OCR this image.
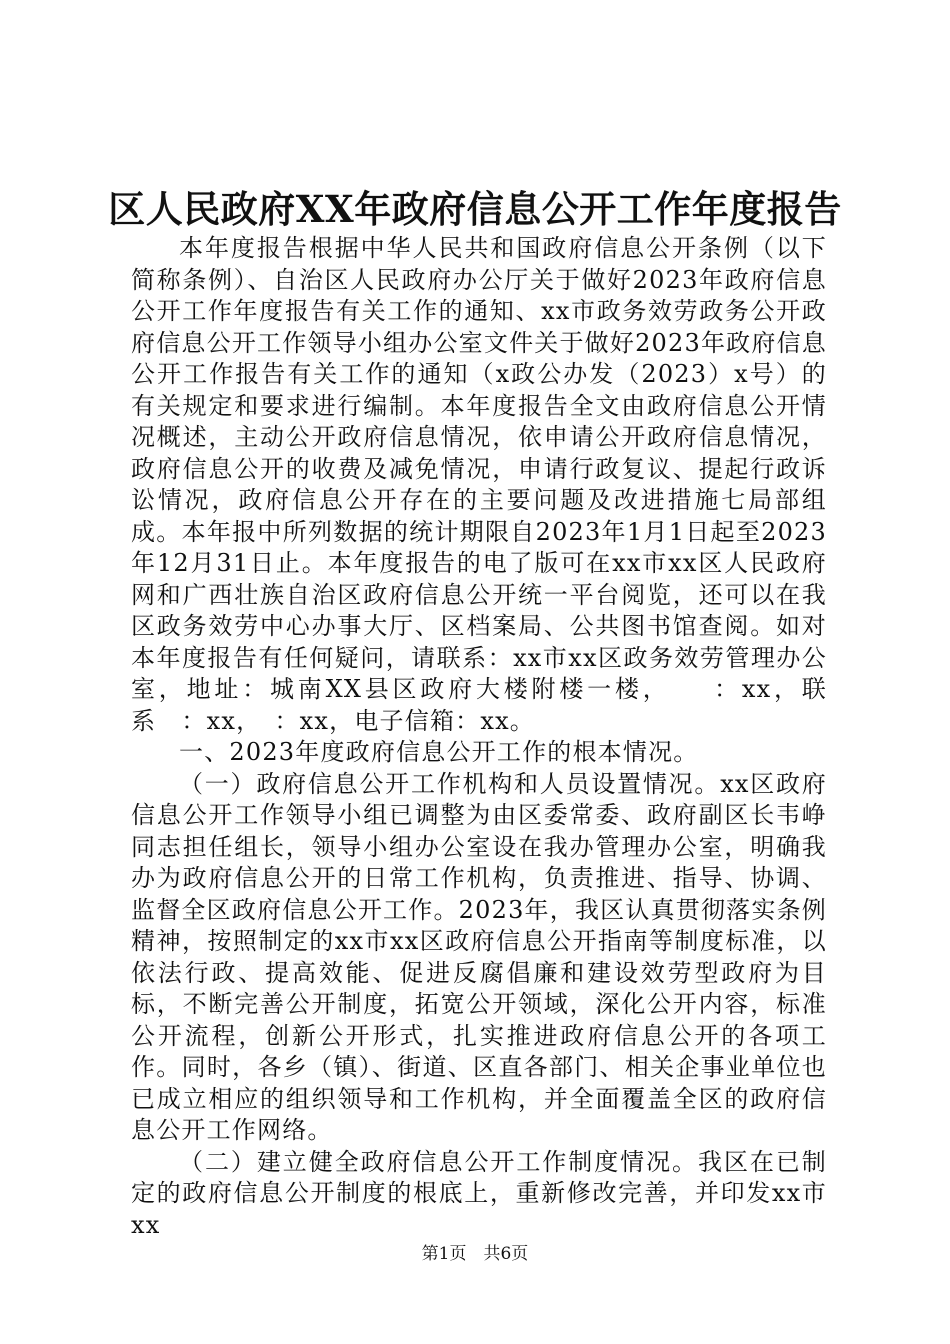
区人民政府XX年政府信息公开工作年度报告

本年度报告根据中华人民共和国政府信息公开条例（以下简称条例）、自治区人民政府办公厅关于做好2023年政府信息公开工作年度报告有关工作的通知、xx市政务效劳政务公开政府信息公开工作领导小组办公室文件关于做好2023年政府信息公开工作报告有关工作的通知（x政公办发（2023）x号）的有关规定和要求进行编制。本年度报告全文由政府信息公开情况概述，主动公开政府信息情况，依申请公开政府信息情况，政府信息公开的收费及减免情况，申请行政复议、提起行政诉讼情况，政府信息公开存在的主要问题及改进措施七局部组成。本年报中所列数据的统计期限自2023年1月1日起至2023年12月31日止。本年度报告的电了版可在xx市xx区人民政府网和广西壮族自治区政府信息公开统一平台阅览，还可以在我区政务效劳中心办事大厅、区档案局、公共图书馆查阅。如对本年度报告有任何疑问，请联系：xx市xx区政务效劳管理办公室，地址：城南XX县区政府大楼附楼一楼，　　：xx，联系　：xx，　：xx，电子信箱：xx。

一、2023年度政府信息公开工作的根本情况。

（一）政府信息公开工作机构和人员设置情况。xx区政府信息公开工作领导小组已调整为由区委常委、政府副区长韦峥同志担任组长，领导小组办公室设在我办管理办公室，明确我办为政府信息公开的日常工作机构，负责推进、指导、协调、监督全区政府信息公开工作。2023年，我区认真贯彻落实条例精神，按照制定的xx市xx区政府信息公开指南等制度标准，以依法行政、提高效能、促进反腐倡廉和建设效劳型政府为目标，不断完善公开制度，拓宽公开领域，深化公开内容，标准公开流程，创新公开形式，扎实推进政府信息公开的各项工作。同时，各乡（镇）、街道、区直各部门、相关企事业单位也已成立相应的组织领导和工作机构，并全面覆盖全区的政府信息公开工作网络。

（二）建立健全政府信息公开工作制度情况。我区在已制定的政府信息公开制度的根底上，重新修改完善，并印发xx市xx

第1页　共6页
